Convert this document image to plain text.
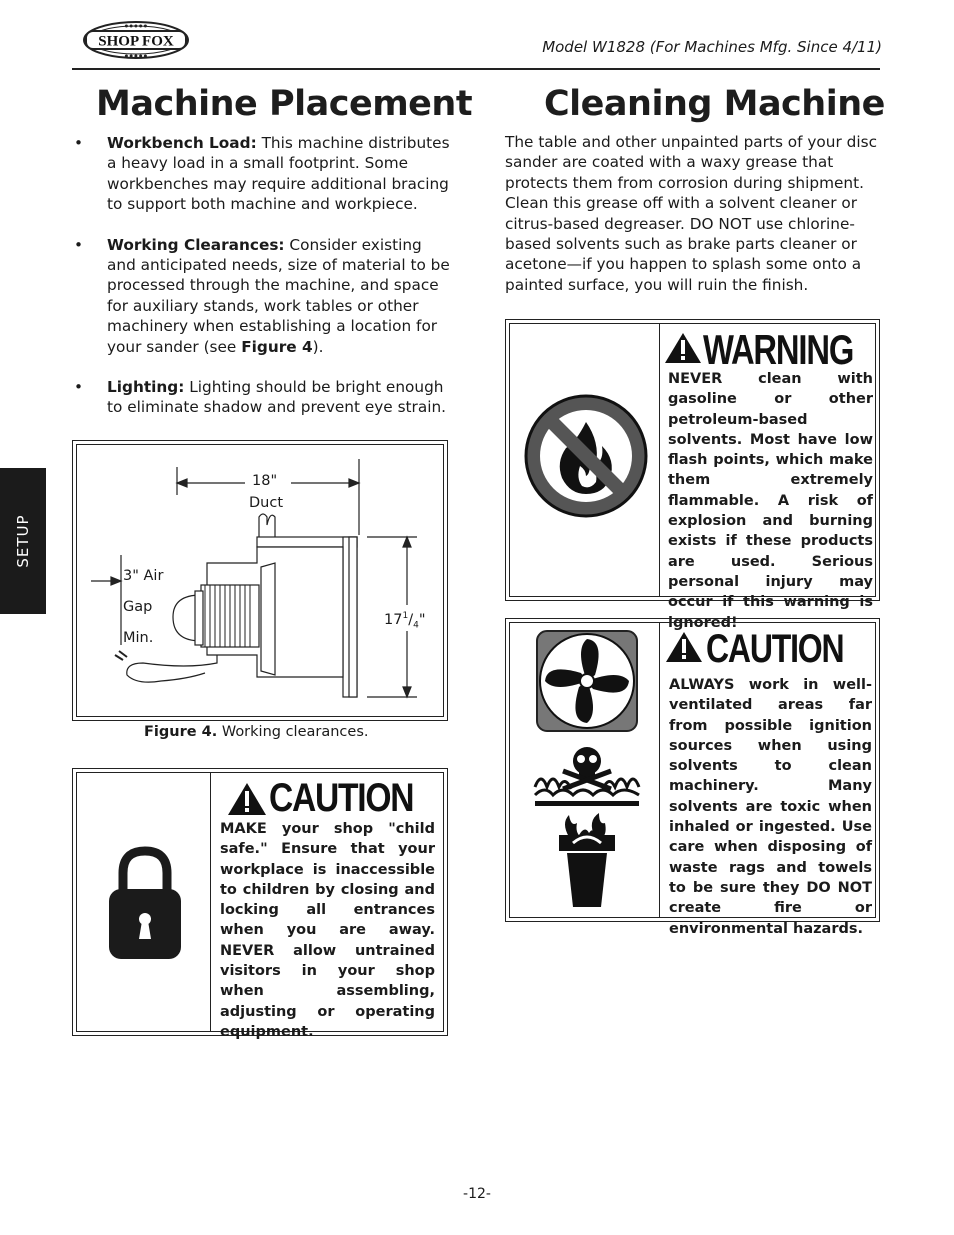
SHOP FOX
● ● ● ● ●
● ● ● ● ●	Model W1828 (For Machines Mfg. Since 4/11)
SETUP
Machine Placement Cleaning Machine
• Workbench Load: This machine distributes a heavy load in a small footprint. Some workbenches may require additional bracing to support both machine and workpiece.
• Working Clearances: Consider existing and anticipated needs, size of material to be processed through the machine, and space for auxiliary stands, work tables or other machinery when establishing a location for your sander (see Figure 4).
• Lighting: Lighting should be bright enough to eliminate shadow and prevent eye strain.
The table and other unpainted parts of your disc sander are coated with a waxy grease that protects them from corrosion during shipment. Clean this grease off with a solvent cleaner or citrus-based degreaser. DO NOT use chlorine-based solvents such as brake parts cleaner or acetone—if you happen to splash some onto a painted surface, you will ruin the finish.
18"
Duct
3" Air
Gap
Min.
$17^1/_4$"
Figure 4. Working clearances.
CAUTION
MAKE your shop "child safe." Ensure that your workplace is inaccessible to children by closing and locking all entrances when you are away. NEVER allow untrained visitors in your shop when assembling, adjusting or operating equipment.
WARNING
NEVER clean with gasoline or other petroleum-based solvents. Most have low flash points, which make them extremely flammable. A risk of explosion and burning exists if these products are used. Serious personal injury may occur if this warning is ignored!
CAUTION
ALWAYS work in well-ventilated areas far from possible ignition sources when using solvents to clean machinery. Many solvents are toxic when inhaled or ingested. Use care when disposing of waste rags and towels to be sure they DO NOT create fire or environmental hazards.
-12-
